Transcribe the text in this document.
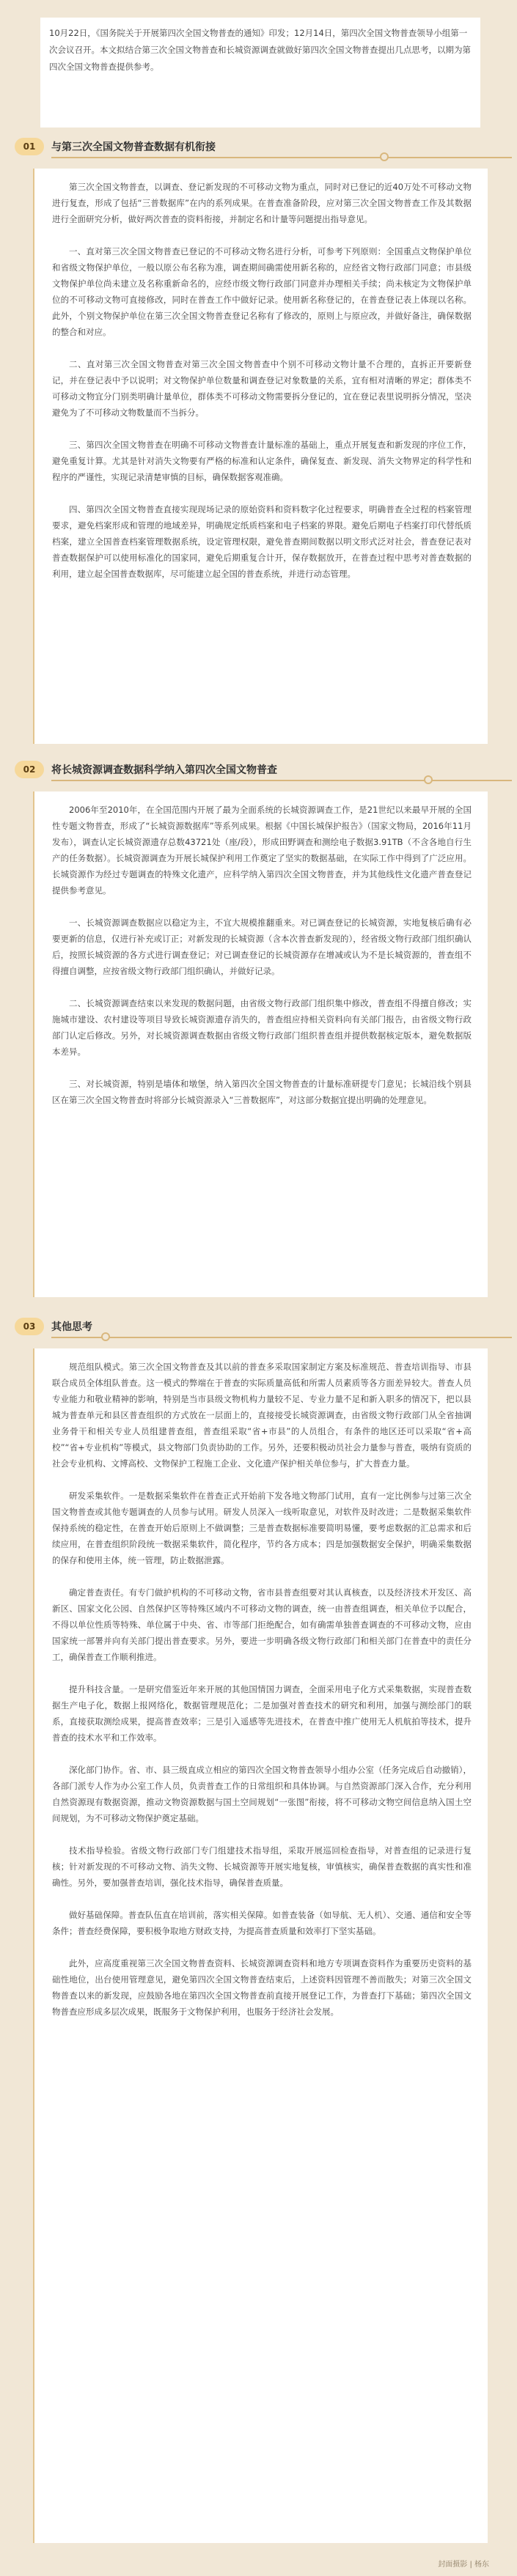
10月22日，《国务院关于开展第四次全国文物普查的通知》印发；12月14日，第四次全国文物普查领导小组第一次会议召开。本文拟结合第三次全国文物普查和长城资源调查就做好第四次全国文物普查提出几点思考，以期为第四次全国文物普查提供参考。
01	与第三次全国文物普查数据有机衔接

第三次全国文物普查，以调查、登记新发现的不可移动文物为重点，同时对已登记的近40万处不可移动文物进行复查，形成了包括“三普数据库”在内的系列成果。在普查准备阶段，应对第三次全国文物普查工作及其数据进行全面研究分析，做好两次普查的资料衔接，并制定名和计量等问题提出指导意见。

一、直对第三次全国文物普查已登记的不可移动文物名进行分析，可参考下列原则：全国重点文物保护单位和省级文物保护单位，一般以原公布名称为准，调查期间确需使用新名称的，应经省文物行政部门同意；市县级文物保护单位尚未建立及名称重新命名的，应经市级文物行政部门同意并办理相关手续；尚未核定为文物保护单位的不可移动文物可直接修改，同时在普查工作中做好记录。使用新名称登记的，在普查登记表上体现以名称。此外，个别文物保护单位在第三次全国文物普查登记名称有了修改的，原则上与原应改，并做好备注，确保数据的整合和对应。

二、直对第三次全国文物普查对第三次全国文物普查中个别不可移动文物计量不合理的，直拆正开要新登记，并在登记表中予以说明；对文物保护单位数量和调查登记对象数量的关系，宜有相对清晰的界定；群体类不可移动文物宜分门别类明确计量单位，群体类不可移动文物需要拆分登记的，宜在登记表里说明拆分情况，坚决避免为了不可移动文物数量而不当拆分。

三、第四次全国文物普查在明确不可移动文物普查计量标准的基础上，重点开展复查和新发现的序位工作，避免重复计算。尤其是针对消失文物要有严格的标准和认定条件，确保复查、新发现、消失文物界定的科学性和程序的严谨性，实现记录清楚审慎的目标，确保数据客观准确。

四、第四次全国文物普查直接实现现场记录的原始资料和资料数字化过程要求，明确普查全过程的档案管理要求，避免档案形成和管理的地域差异，明确规定纸质档案和电子档案的界限。避免后期电子档案打印代替纸质档案，建立全国普查档案管理数据系统，设定管理权限，避免普查期间数据以明文形式泛对社会，普查登记表对普查数据保护可以使用标准化的国家同，避免后期重复合计开，保存数据放开，在普查过程中思考对普查数据的利用，建立起全国普查数据库，尽可能建立起全国的普查系统，并进行动态管理。

02	将长城资源调查数据科学纳入第四次全国文物普查

2006年至2010年，在全国范围内开展了最为全面系统的长城资源调查工作，是21世纪以来最早开展的全国性专题文物普查，形成了“长城资源数据库”等系列成果。根据《中国长城保护报告》（国家文物局，2016年11月发布），调查认定长城资源遗存总数43721处（座/段），形成田野调查和测绘电子数据3.91TB（不含各地自行生产的任务数据）。长城资源调查为开展长城保护利用工作奠定了坚实的数据基础，在实际工作中得到了广泛应用。长城资源作为经过专题调查的特殊文化遗产，应科学纳入第四次全国文物普查，并为其他线性文化遗产普查登记提供参考意见。

一、长城资源调查数据应以稳定为主，不宜大规模推翻重来。对已调查登记的长城资源，实地复核后确有必要更新的信息，仅进行补充或订正；对新发现的长城资源（含本次普查新发现的），经省级文物行政部门组织确认后，按照长城资源的各方式进行调查登记；对已调查登记的长城资源存在增减或认为不是长城资源的，普查组不得擅自调整，应按省级文物行政部门组织确认，并做好记录。

二、长城资源调查结束以来发现的数据问题，由省级文物行政部门组织集中修改，普查组不得擅自修改；实施城市建设、农村建设等项目导致长城资源遗存消失的，普查组应持相关资料向有关部门报告，由省级文物行政部门认定后修改。另外，对长城资源调查数据由省级文物行政部门组织普查组并提供数据核定版本，避免数据版本差异。

三、对长城资源，特别是墙体和墩堡，纳入第四次全国文物普查的计量标准研提专门意见；长城沿线个别县区在第三次全国文物普查时将部分长城资源录入“三普数据库”，对这部分数据宜提出明确的处理意见。

03	其他思考

规范组队模式。第三次全国文物普查及其以前的普查多采取国家制定方案及标准规范、普查培训指导、市县联合成员全体组队普查。这一模式的弊端在于普查的实际质量高低和所需人员素质等各方面差异较大。普查人员专业能力和敬业精神的影响，特别是当市县级文物机构力量较不足、专业力量不足和新入职多的情况下，把以县城为普查单元和县区普查组织的方式放在一层面上的，直接接受长城资源调查，由省级文物行政部门从全省抽调业务骨干和相关专业人员组建普查组，普查组采取“省+市县”的人员组合，有条件的地区还可以采取“省+高校”“省+专业机构”等模式，县文物部门负责协助的工作。另外，还要积极动员社会力量参与普查，吸纳有资质的社会专业机构、文博高校、文物保护工程施工企业、文化遗产保护相关单位参与，扩大普查力量。

研发采集软件。一是数据采集软件在普查正式开始前下发各地文物部门试用，直有一定比例参与过第三次全国文物普查或其他专题调查的人员参与试用。研发人员深入一线听取意见，对软件及时改进；二是数据采集软件保持系统的稳定性，在普查开始后原则上不做调整；三是普查数据标准要简明易懂，要考虑数据的汇总需求和后续应用，在普查组织阶段统一数据采集软件，简化程序，节约各方成本；四是加强数据安全保护，明确采集数据的保存和使用主体，统一管理，防止数据泄露。

确定普查责任。有专门做护机构的不可移动文物，省市县普查组要对其认真核查，以及经济技术开发区、高新区、国家文化公园、自然保护区等特殊区域内不可移动文物的调查，统一由普查组调查，相关单位予以配合，不得以单位性质等特殊、单位属于中央、省、市等部门拒绝配合，如有确需单独普查调查的不可移动文物，应由国家统一部署并向有关部门提出普查要求。另外，要进一步明确各级文物行政部门和相关部门在普查中的责任分工，确保普查工作顺利推进。

提升科技含量。一是研究借鉴近年来开展的其他国情国力调查，全面采用电子化方式采集数据，实现普查数据生产电子化，数据上报网络化，数据管理规范化；二是加强对普查技术的研究和利用，加强与测绘部门的联系，直接获取测绘成果，提高普查效率；三是引入遥感等先进技术，在普查中推广使用无人机航拍等技术，提升普查的技术水平和工作效率。

深化部门协作。省、市、县三级直成立相应的第四次全国文物普查领导小组办公室（任务完成后自动撤销），各部门派专人作为办公室工作人员，负责普查工作的日常组织和具体协调。与自然资源部门深入合作，充分利用自然资源现有数据资源，推动文物资源数据与国土空间规划“一张图”衔接，将不可移动文物空间信息纳入国土空间规划，为不可移动文物保护奠定基础。

技术指导检验。省级文物行政部门专门组建技术指导组，采取开展巡回检查指导，对普查组的记录进行复核；针对新发现的不可移动文物、消失文物、长城资源等开展实地复核，审慎核实，确保普查数据的真实性和准确性。另外，要加强普查培训，强化技术指导，确保普查质量。

做好基础保障。普查队伍直在培训前，落实相关保障。如普查装备（如导航、无人机）、交通、通信和安全等条件；普查经费保障，要积极争取地方财政支持，为提高普查质量和效率打下坚实基础。

此外，应高度重视第三次全国文物普查资料、长城资源调查资料和地方专项调查资料作为重要历史资料的基础性地位，出台使用管理意见，避免第四次全国文物普查结束后，上述资料因管理不善而散失；对第三次全国文物普查以来的新发现，应鼓励各地在第四次全国文物普查前直接开展登记工作，为普查打下基础；第四次全国文物普查应形成多层次成果，既服务于文物保护利用，也服务于经济社会发展。

封面摄影 | 杨东
